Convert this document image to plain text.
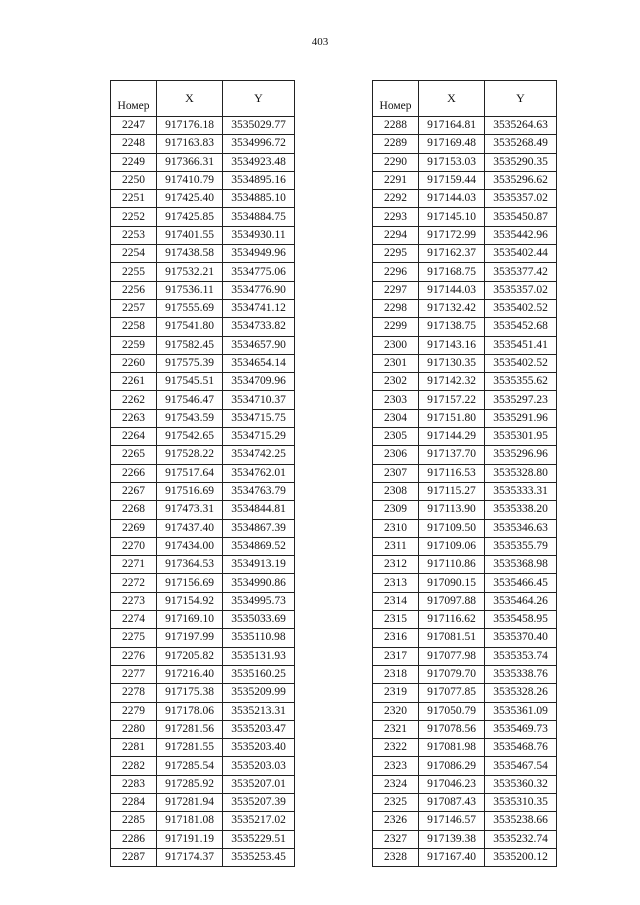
403
Номер	X	Y
2247	917176.18	3535029.77
2248	917163.83	3534996.72
2249	917366.31	3534923.48
2250	917410.79	3534895.16
2251	917425.40	3534885.10
2252	917425.85	3534884.75
2253	917401.55	3534930.11
2254	917438.58	3534949.96
2255	917532.21	3534775.06
2256	917536.11	3534776.90
2257	917555.69	3534741.12
2258	917541.80	3534733.82
2259	917582.45	3534657.90
2260	917575.39	3534654.14
2261	917545.51	3534709.96
2262	917546.47	3534710.37
2263	917543.59	3534715.75
2264	917542.65	3534715.29
2265	917528.22	3534742.25
2266	917517.64	3534762.01
2267	917516.69	3534763.79
2268	917473.31	3534844.81
2269	917437.40	3534867.39
2270	917434.00	3534869.52
2271	917364.53	3534913.19
2272	917156.69	3534990.86
2273	917154.92	3534995.73
2274	917169.10	3535033.69
2275	917197.99	3535110.98
2276	917205.82	3535131.93
2277	917216.40	3535160.25
2278	917175.38	3535209.99
2279	917178.06	3535213.31
2280	917281.56	3535203.47
2281	917281.55	3535203.40
2282	917285.54	3535203.03
2283	917285.92	3535207.01
2284	917281.94	3535207.39
2285	917181.08	3535217.02
2286	917191.19	3535229.51
2287	917174.37	3535253.45
Номер	X	Y
2288	917164.81	3535264.63
2289	917169.48	3535268.49
2290	917153.03	3535290.35
2291	917159.44	3535296.62
2292	917144.03	3535357.02
2293	917145.10	3535450.87
2294	917172.99	3535442.96
2295	917162.37	3535402.44
2296	917168.75	3535377.42
2297	917144.03	3535357.02
2298	917132.42	3535402.52
2299	917138.75	3535452.68
2300	917143.16	3535451.41
2301	917130.35	3535402.52
2302	917142.32	3535355.62
2303	917157.22	3535297.23
2304	917151.80	3535291.96
2305	917144.29	3535301.95
2306	917137.70	3535296.96
2307	917116.53	3535328.80
2308	917115.27	3535333.31
2309	917113.90	3535338.20
2310	917109.50	3535346.63
2311	917109.06	3535355.79
2312	917110.86	3535368.98
2313	917090.15	3535466.45
2314	917097.88	3535464.26
2315	917116.62	3535458.95
2316	917081.51	3535370.40
2317	917077.98	3535353.74
2318	917079.70	3535338.76
2319	917077.85	3535328.26
2320	917050.79	3535361.09
2321	917078.56	3535469.73
2322	917081.98	3535468.76
2323	917086.29	3535467.54
2324	917046.23	3535360.32
2325	917087.43	3535310.35
2326	917146.57	3535238.66
2327	917139.38	3535232.74
2328	917167.40	3535200.12
